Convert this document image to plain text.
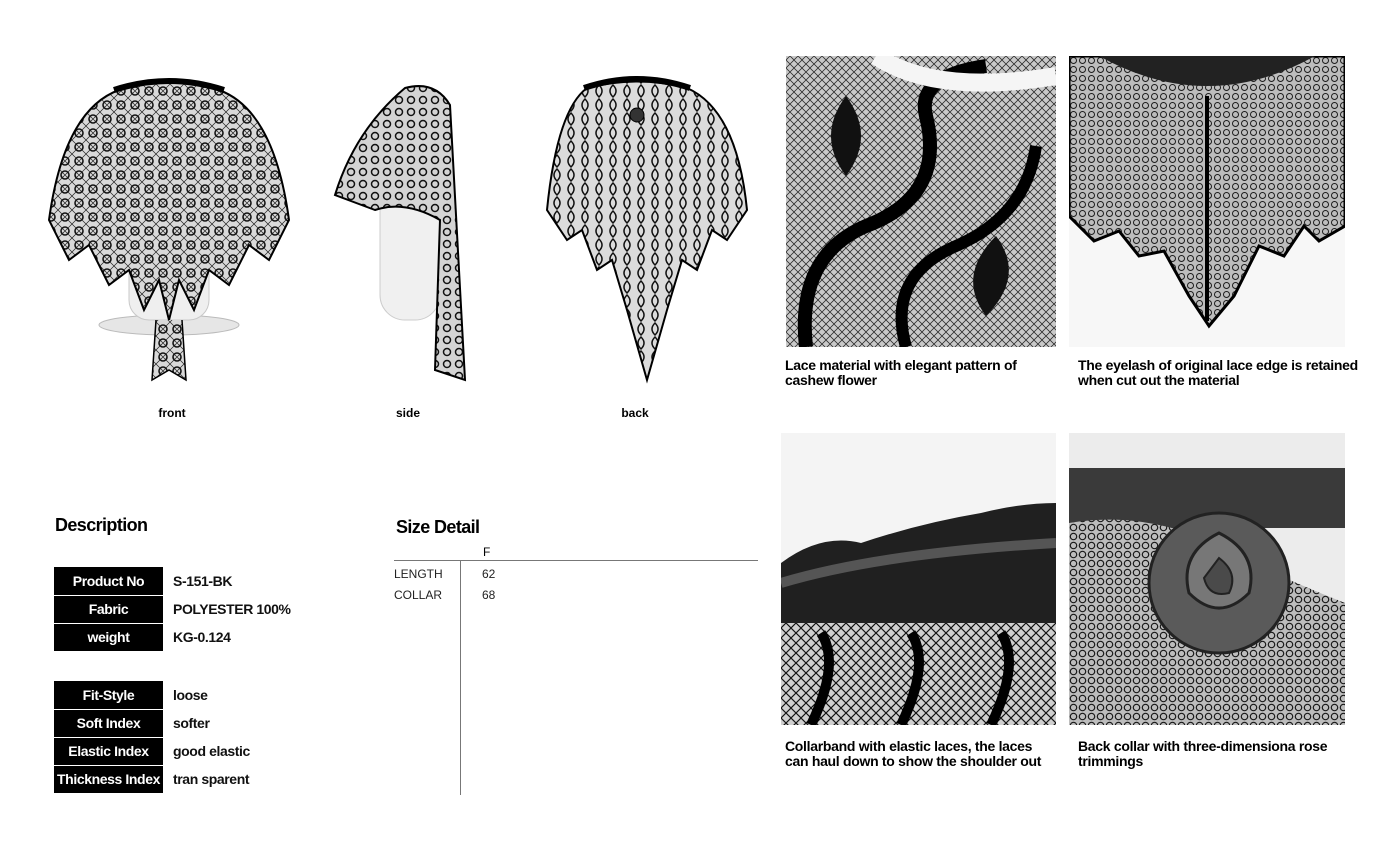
front	side	back
Lace material with elegant pattern of
cashew flower
The eyelash of original lace edge is retained
when cut out the material
Collarband with elastic laces, the laces
can haul down to show the shoulder out
Back collar with three-dimensiona rose
trimmings
Description
Product No	S-151-BK
Fabric	POLYESTER 100%
weight	KG-0.124
Fit-Style	loose
Soft Index	softer
Elastic Index	good elastic
Thickness Index	tran sparent
Size Detail
F
LENGTH	62
COLLAR	68
